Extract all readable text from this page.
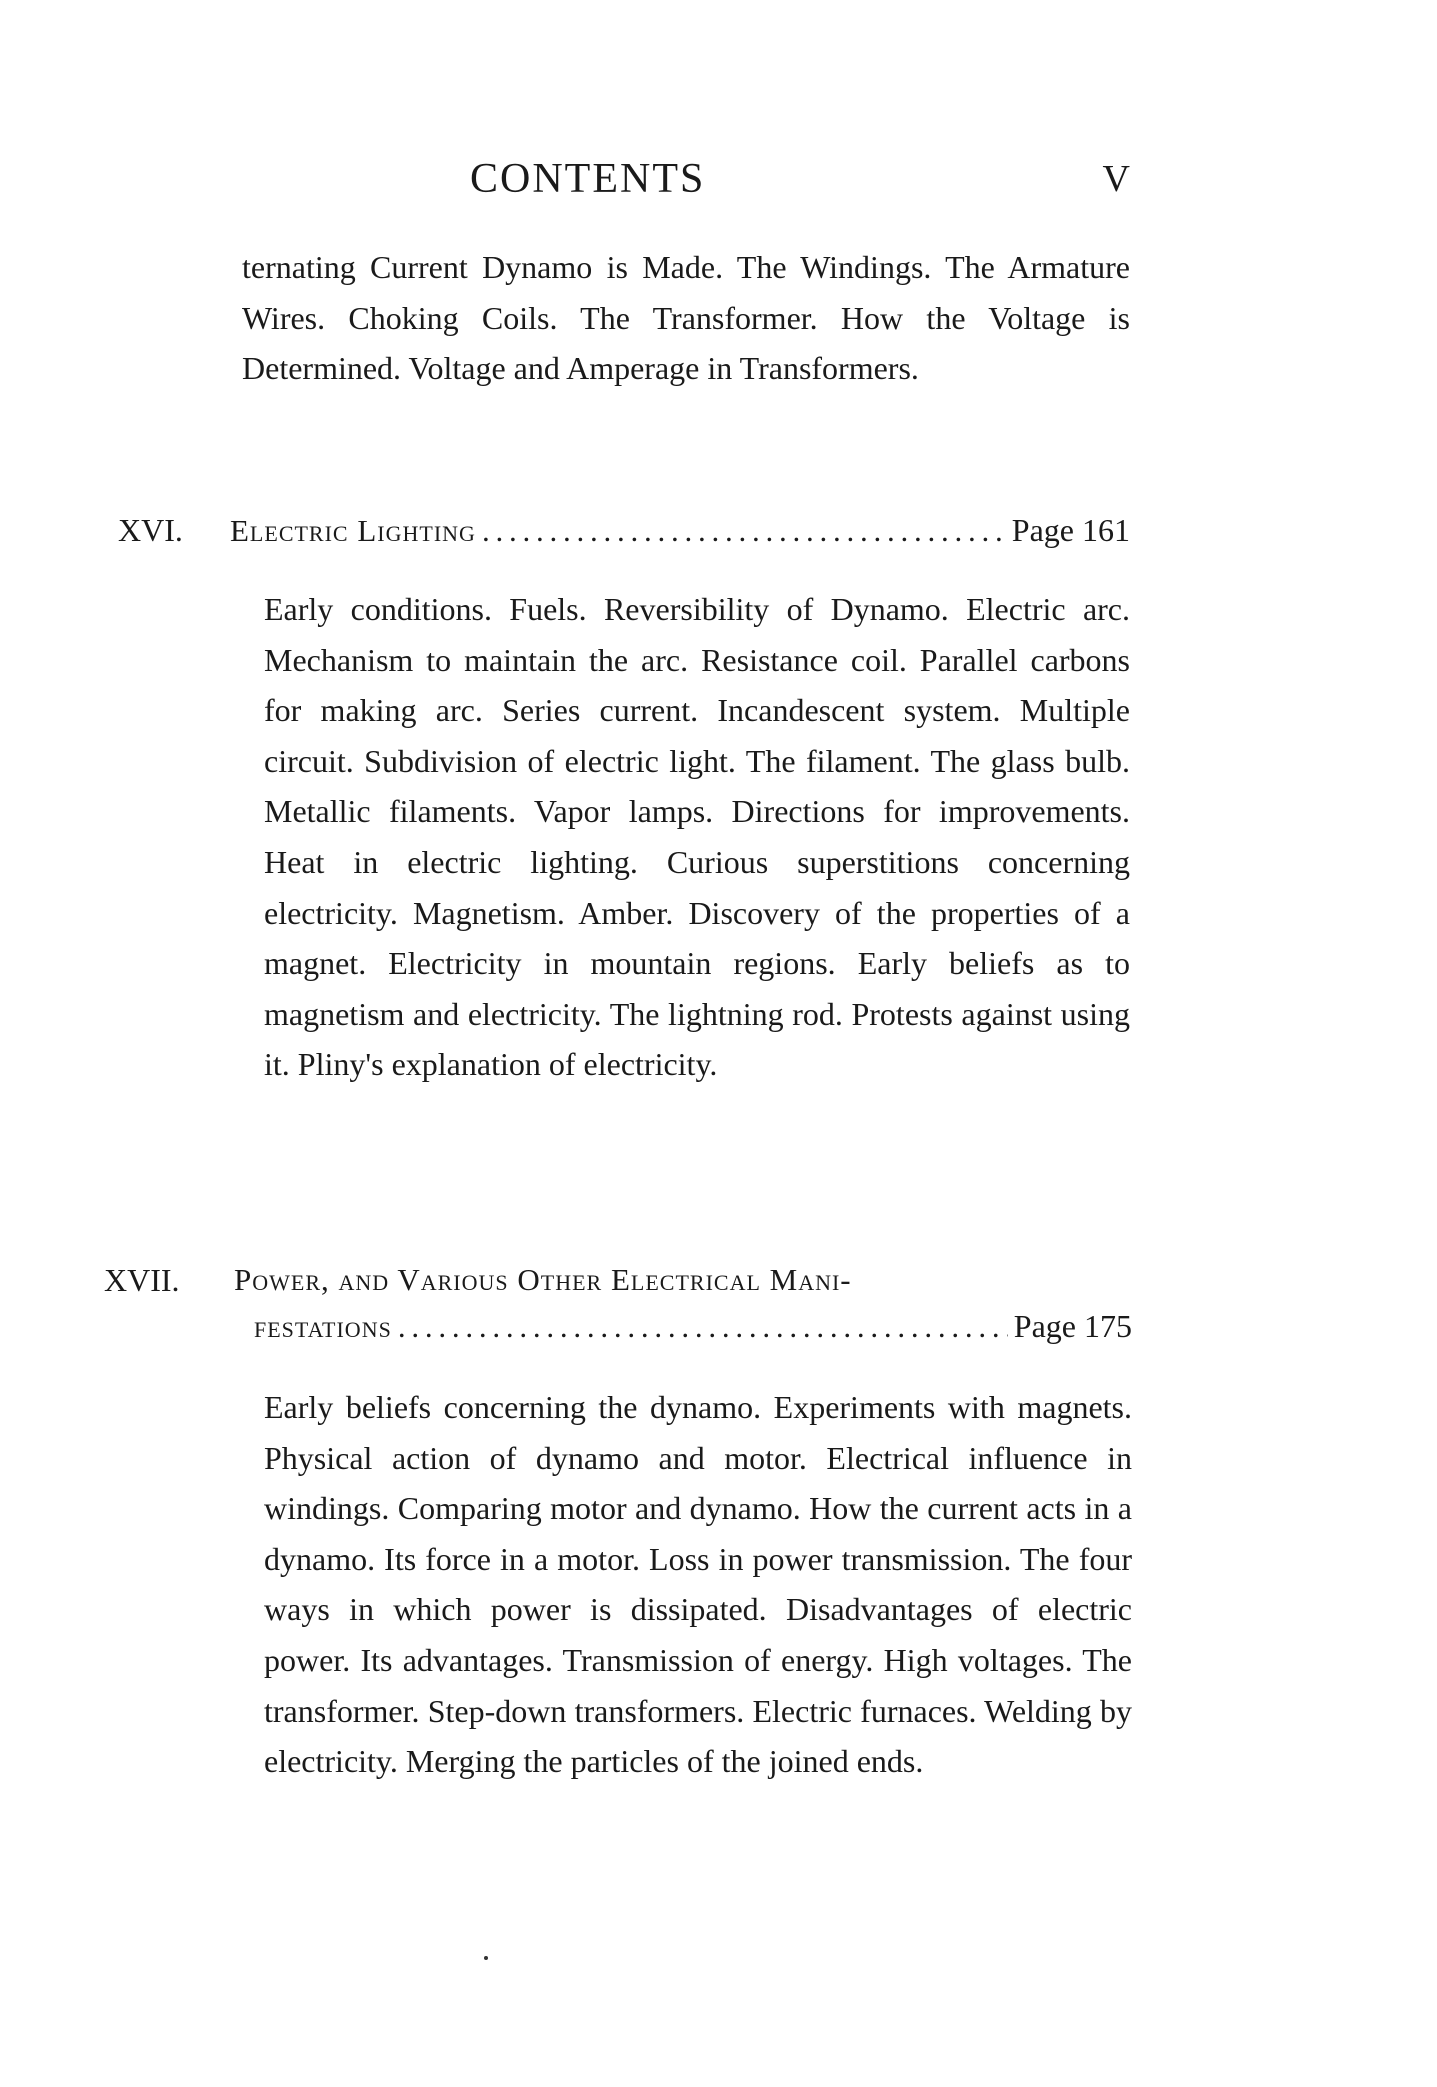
CONTENTS	V

ternating Current Dynamo is Made. The Windings. The Armature Wires. Choking Coils. The Transformer. How the Voltage is Determined. Voltage and Amperage in Transformers.

XVI. Electric Lighting . . .	Page 161

Early conditions. Fuels. Reversibility of Dynamo. Electric arc. Mechanism to maintain the arc. Resistance coil. Parallel carbons for making arc. Series current. Incandescent system. Multiple circuit. Subdivision of electric light. The filament. The glass bulb. Metallic filaments. Vapor lamps. Directions for improvements. Heat in electric lighting. Curious superstitions concerning electricity. Magnetism. Amber. Discovery of the properties of a magnet. Electricity in mountain regions. Early beliefs as to magnetism and electricity. The lightning rod. Protests against using it. Pliny's explanation of electricity.

XVII. Power, and Various Other Electrical Mani-
festations . . .	Page 175

Early beliefs concerning the dynamo. Experiments with magnets. Physical action of dynamo and motor. Electrical influence in windings. Comparing motor and dynamo. How the current acts in a dynamo. Its force in a motor. Loss in power transmission. The four ways in which power is dissipated. Disadvantages of electric power. Its advantages. Transmission of energy. High voltages. The transformer. Step-down transformers. Electric furnaces. Welding by electricity. Merging the particles of the joined ends.
